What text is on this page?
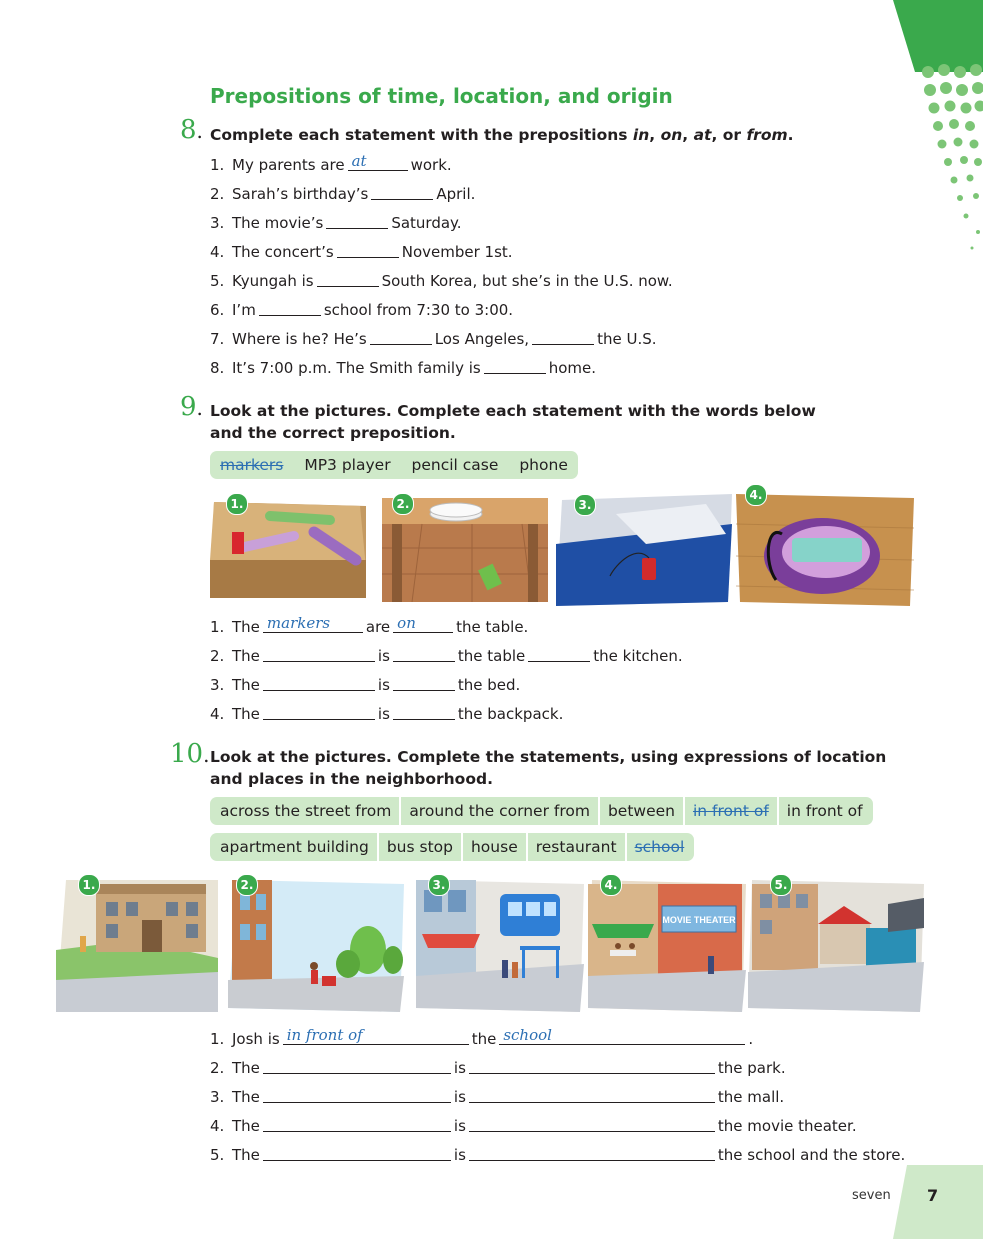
Prepositions of time, location, and origin
8. Complete each statement with the prepositions in, on, at, or from.
1. My parents are at	work.
2. Sarah’s birthday’s	April.
3. The movie’s	Saturday.
4. The concert’s	November 1st.
5. Kyungah is	South Korea, but she’s in the U.S. now.
6. I’m	school from 7:30 to 3:00.
7. Where is he? He’s	Los Angeles,	the U.S.
8. It’s 7:00 p.m. The Smith family is	home.
9. Look at the pictures. Complete each statement with the words below
and the correct preposition.
markers MP3 player pencil case phone
1.	2.	3.
4.
1. The markers are on	the table.
2. The	is	the table	the kitchen.
3. The	is	the bed.
4. The	is	the backpack.
10. Look at the pictures. Complete the statements, using expressions of location
and places in the neighborhood.
across the street from around the corner from between in front of in front of
apartment building bus stop house restaurant school
1.	2.	3.
MOVIE THEATER
4.	5.
1. Josh is in front of	the school	.
2. The	is	the park.
3. The	is	the mall.
4. The	is	the movie theater.
5. The	is	the school and the store.
seven 7
